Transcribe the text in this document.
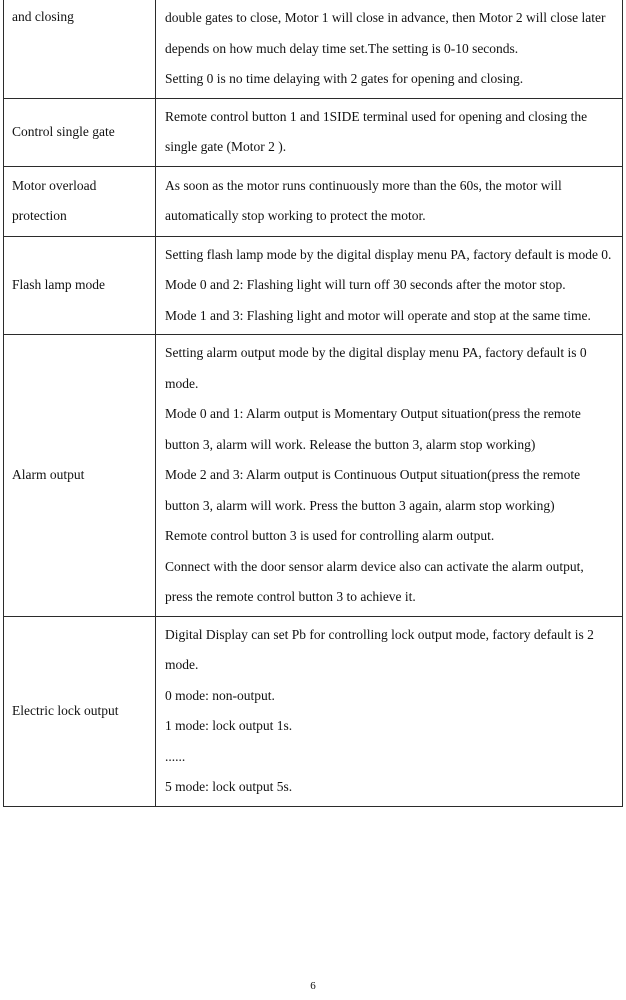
and closing	double gates to close, Motor 1 will close in advance, then Motor 2 will close later depends on how much delay time set.The setting is 0-10 seconds.

Setting 0 is no time delaying with 2 gates for opening and closing.

Control single gate	Remote control button 1 and 1SIDE terminal used for opening and closing the single gate (Motor 2 ).

Motor overload protection	As soon as the motor runs continuously more than the 60s, the motor will automatically stop working to protect the motor.

Flash lamp mode	Setting flash lamp mode by the digital display menu PA, factory default is mode 0.

Mode 0 and 2: Flashing light will turn off 30 seconds after the motor stop.

Mode 1 and 3: Flashing light and motor will operate and stop at the same time.

Alarm output	Setting alarm output mode by the digital display menu PA, factory default is 0 mode.

Mode 0 and 1: Alarm output is Momentary Output situation(press the remote button 3, alarm will work. Release the button 3, alarm stop working)

Mode 2 and 3: Alarm output is Continuous Output situation(press the remote button 3, alarm will work. Press the button 3 again, alarm stop working)

Remote control button 3 is used for controlling alarm output.

Connect with the door sensor alarm device also can activate the alarm output, press the remote control button 3 to achieve it.

Electric lock output	Digital Display can set Pb for controlling lock output mode, factory default is 2 mode.

0 mode: non-output.

1 mode: lock output 1s.

......

5 mode: lock output 5s.

6
